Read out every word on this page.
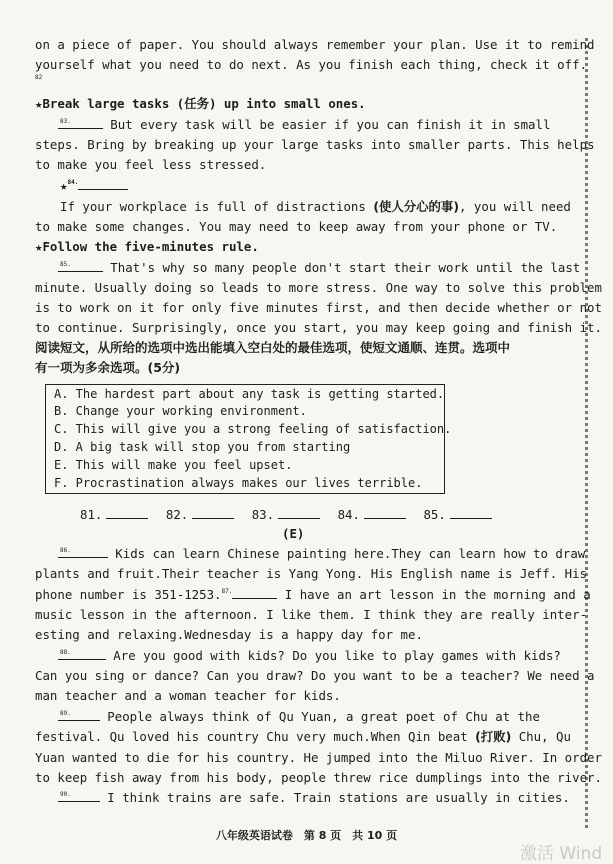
on a piece of paper. You should always remember your plan. Use it to remind
yourself what you need to do next. As you finish each thing, check it off.
82
★Break large tasks (任务) up into small ones.
$^{83.}$	But every task will be easier if you can finish it in small
steps. Bring by breaking up your large tasks into smaller parts. This helps
to make you feel less stressed.
★$^{84.}$
If your workplace is full of distractions (使人分心的事), you will need
to make some changes. You may need to keep away from your phone or TV.
★Follow the five-minutes rule.
$^{85.}$	That's why so many people don't start their work until the last
minute. Usually doing so leads to more stress. One way to solve this problem
is to work on it for only five minutes first, and then decide whether or not
to continue. Surprisingly, once you start, you may keep going and finish it.
阅读短文，从所给的选项中选出能填入空白处的最佳选项，使短文通顺、连贯。选项中
有一项为多余选项。(5分)
A. The hardest part about any task is getting started.
B. Change your working environment.
C. This will give you a strong feeling of satisfaction.
D. A big task will stop you from starting
E. This will make you feel upset.
F. Procrastination always makes our lives terrible.
81.	82.	83.	84.	85.
(E)
$^{86.}$	Kids can learn Chinese painting here.They can learn how to draw
plants and fruit.Their teacher is Yang Yong. His English name is Jeff. His
phone number is 351-1253.$^{87.}$	I have an art lesson in the morning and a
music lesson in the afternoon. I like them. I think they are really inter-
esting and relaxing.Wednesday is a happy day for me.
$^{88.}$	Are you good with kids? Do you like to play games with kids?
Can you sing or dance? Can you draw? Do you want to be a teacher? We need a
man teacher and a woman teacher for kids.
$^{89.}$ People always think of Qu Yuan, a great poet of Chu at the
festival. Qu loved his country Chu very much.When Qin beat (打败) Chu, Qu
Yuan wanted to die for his country. He jumped into the Miluo River. In order
to keep fish away from his body, people threw rice dumplings into the river.
$^{90.}$ I think trains are safe. Train stations are usually in cities.
八年级英语试卷　第 8 页　共 10 页
激活 Wind
